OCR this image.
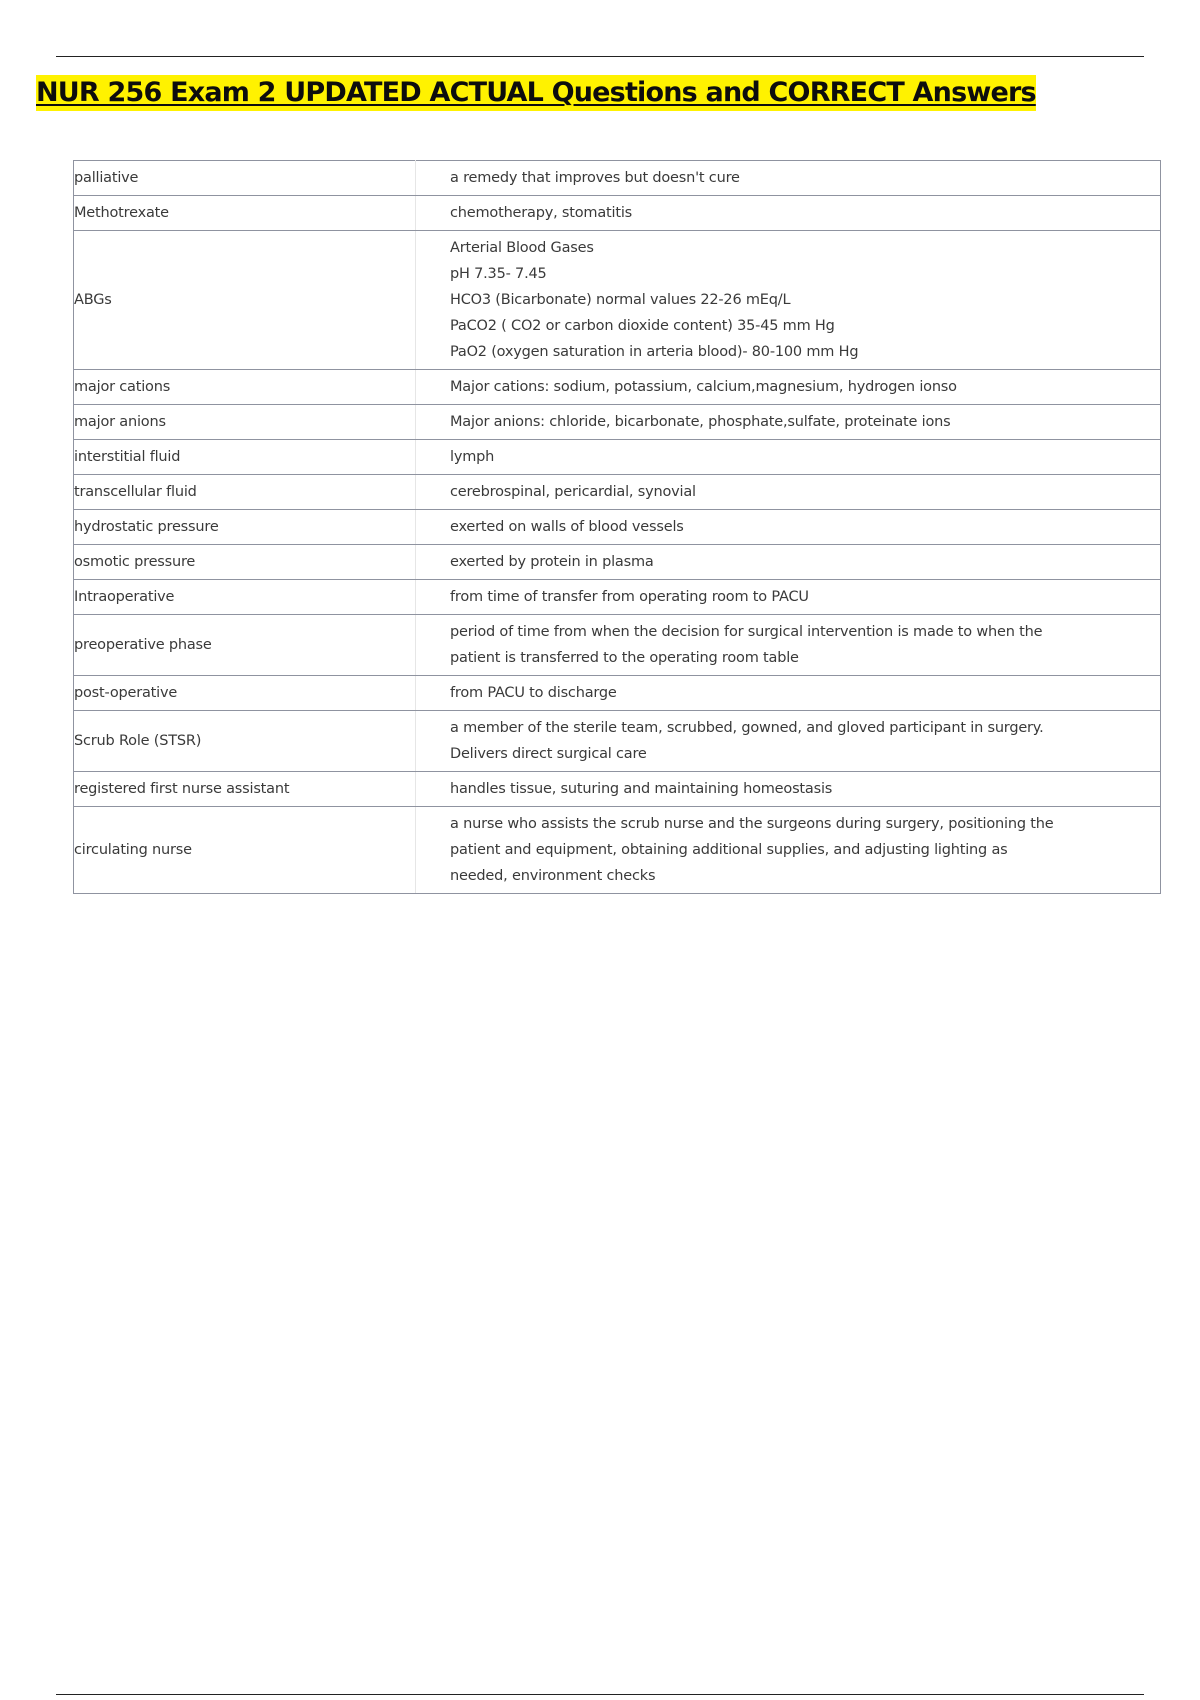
NUR 256 Exam 2 UPDATED ACTUAL Questions and CORRECT Answers
palliative	a remedy that improves but doesn't cure

Methotrexate	chemotherapy, stomatitis

ABGs	Arterial Blood Gases
pH 7.35- 7.45
HCO3 (Bicarbonate) normal values 22-26 mEq/L
PaCO2 ( CO2 or carbon dioxide content) 35-45 mm Hg
PaO2 (oxygen saturation in arteria blood)- 80-100 mm Hg

major cations	Major cations: sodium, potassium, calcium,magnesium, hydrogen ionso

major anions	Major anions: chloride, bicarbonate, phosphate,sulfate, proteinate ions

interstitial fluid	lymph

transcellular fluid	cerebrospinal, pericardial, synovial

hydrostatic pressure	exerted on walls of blood vessels

osmotic pressure	exerted by protein in plasma

Intraoperative	from time of transfer from operating room to PACU

preoperative phase	period of time from when the decision for surgical intervention is made to when the
patient is transferred to the operating room table

post-operative	from PACU to discharge

Scrub Role (STSR)	a member of the sterile team, scrubbed, gowned, and gloved participant in surgery.
Delivers direct surgical care

registered first nurse assistant	handles tissue, suturing and maintaining homeostasis

circulating nurse	a nurse who assists the scrub nurse and the surgeons during surgery, positioning the
patient and equipment, obtaining additional supplies, and adjusting lighting as
needed, environment checks
